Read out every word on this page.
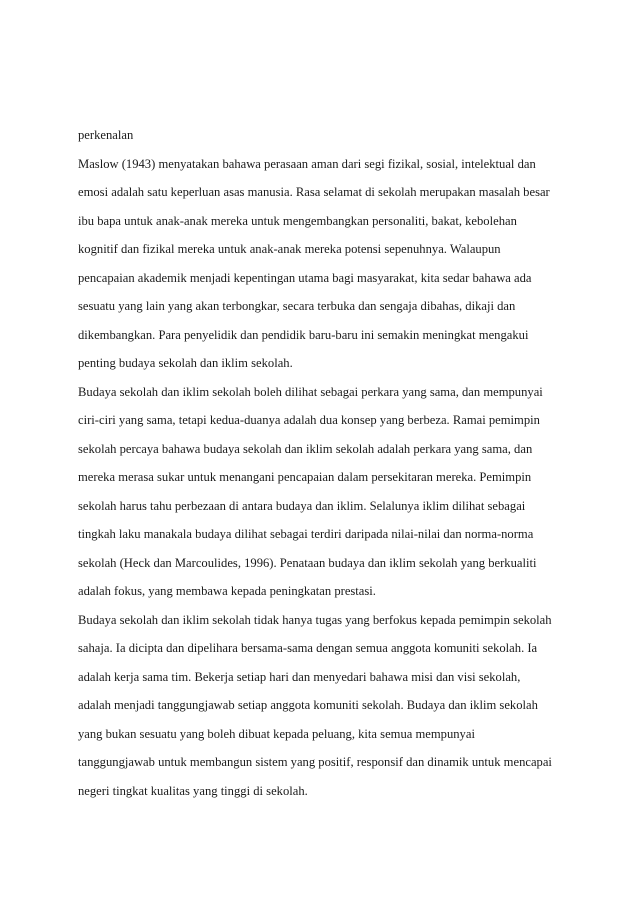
perkenalan
Maslow (1943) menyatakan bahawa perasaan aman dari segi fizikal, sosial, intelektual dan
emosi adalah satu keperluan asas manusia. Rasa selamat di sekolah merupakan masalah besar
ibu bapa untuk anak-anak mereka untuk mengembangkan personaliti, bakat, kebolehan
kognitif dan fizikal mereka untuk anak-anak mereka potensi sepenuhnya. Walaupun
pencapaian akademik menjadi kepentingan utama bagi masyarakat, kita sedar bahawa ada
sesuatu yang lain yang akan terbongkar, secara terbuka dan sengaja dibahas, dikaji dan
dikembangkan. Para penyelidik dan pendidik baru-baru ini semakin meningkat mengakui
penting budaya sekolah dan iklim sekolah.
Budaya sekolah dan iklim sekolah boleh dilihat sebagai perkara yang sama, dan mempunyai
ciri-ciri yang sama, tetapi kedua-duanya adalah dua konsep yang berbeza. Ramai pemimpin
sekolah percaya bahawa budaya sekolah dan iklim sekolah adalah perkara yang sama, dan
mereka merasa sukar untuk menangani pencapaian dalam persekitaran mereka. Pemimpin
sekolah harus tahu perbezaan di antara budaya dan iklim. Selalunya iklim dilihat sebagai
tingkah laku manakala budaya dilihat sebagai terdiri daripada nilai-nilai dan norma-norma
sekolah (Heck dan Marcoulides, 1996). Penataan budaya dan iklim sekolah yang berkualiti
adalah fokus, yang membawa kepada peningkatan prestasi.
Budaya sekolah dan iklim sekolah tidak hanya tugas yang berfokus kepada pemimpin sekolah
sahaja. Ia dicipta dan dipelihara bersama-sama dengan semua anggota komuniti sekolah. Ia
adalah kerja sama tim. Bekerja setiap hari dan menyedari bahawa misi dan visi sekolah,
adalah menjadi tanggungjawab setiap anggota komuniti sekolah. Budaya dan iklim sekolah
yang bukan sesuatu yang boleh dibuat kepada peluang, kita semua mempunyai
tanggungjawab untuk membangun sistem yang positif, responsif dan dinamik untuk mencapai
negeri tingkat kualitas yang tinggi di sekolah.
